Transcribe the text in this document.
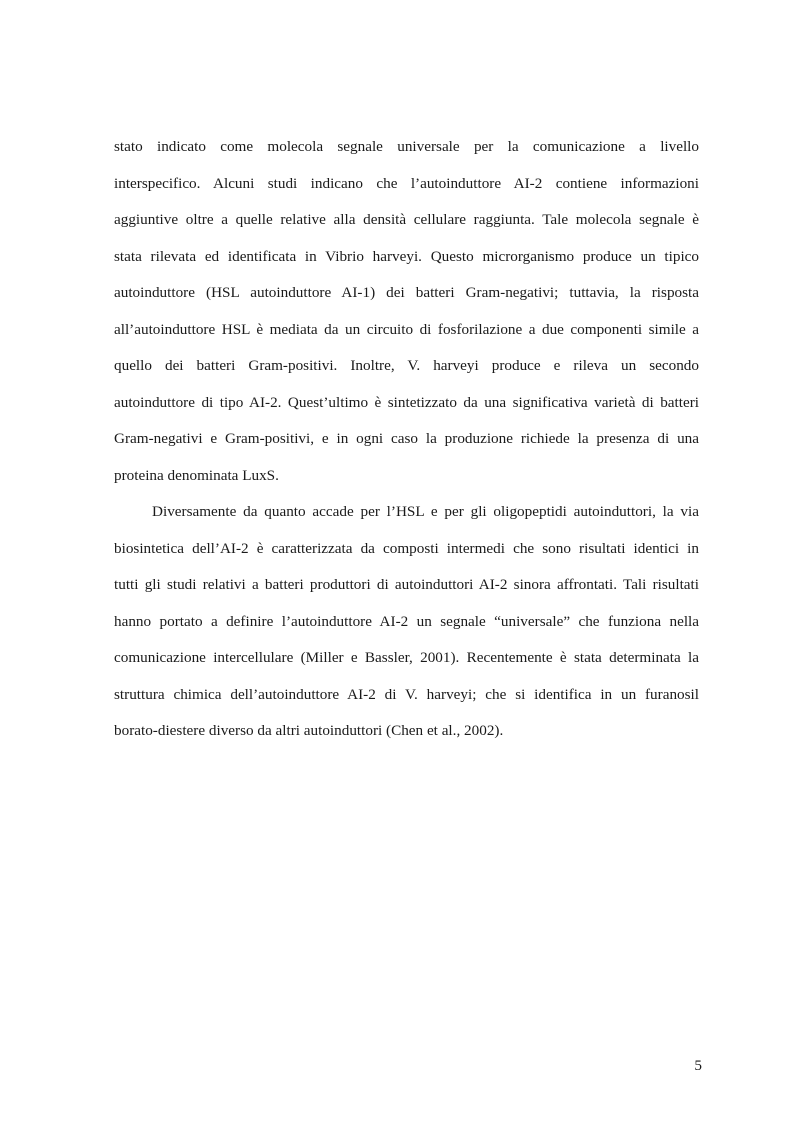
stato indicato come molecola segnale universale per la comunicazione a livello
interspecifico. Alcuni studi indicano che l’autoinduttore AI-2 contiene informazioni
aggiuntive oltre a quelle relative alla densità cellulare raggiunta. Tale molecola segnale è
stata rilevata ed identificata in Vibrio harveyi. Questo microrganismo produce un tipico
autoinduttore (HSL autoinduttore AI-1) dei batteri Gram-negativi; tuttavia, la risposta
all’autoinduttore HSL è mediata da un circuito di fosforilazione a due componenti simile a
quello dei batteri Gram-positivi. Inoltre, V. harveyi produce e rileva un secondo
autoinduttore di tipo AI-2. Quest’ultimo è sintetizzato da una significativa varietà di batteri
Gram-negativi e Gram-positivi, e in ogni caso la produzione richiede la presenza di una
proteina denominata LuxS.
Diversamente da quanto accade per l’HSL e per gli oligopeptidi autoinduttori, la via
biosintetica dell’AI-2 è caratterizzata da composti intermedi che sono risultati identici in
tutti gli studi relativi a batteri produttori di autoinduttori AI-2 sinora affrontati. Tali risultati
hanno portato a definire l’autoinduttore AI-2 un segnale “universale” che funziona nella
comunicazione intercellulare (Miller e Bassler, 2001). Recentemente è stata determinata la
struttura chimica dell’autoinduttore AI-2 di V. harveyi; che si identifica in un furanosil
borato-diestere diverso da altri autoinduttori (Chen et al., 2002).
5
